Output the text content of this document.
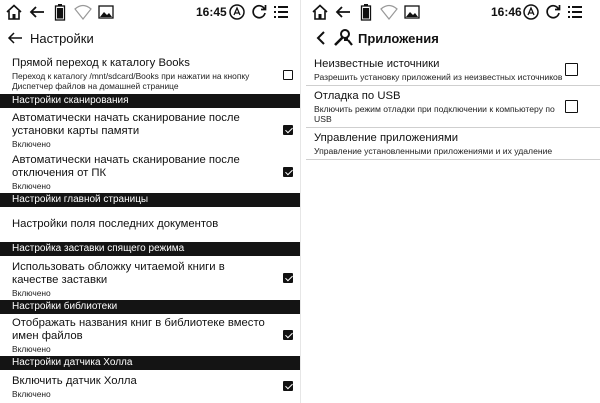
16:45
Настройки
Прямой переход к каталогу Books
Переход к каталогу /mnt/sdcard/Books при нажатии на кнопку Диспетчер файлов на домашней странице
Настройки сканирования
Автоматически начать сканирование после установки карты памяти
Включено
Автоматически начать сканирование после отключения от ПК
Включено
Настройки главной страницы
Настройки поля последних документов
Настройка заставки спящего режима
Использовать обложку читаемой книги в качестве заставки
Включено
Настройки библиотеки
Отображать названия книг в библиотеке вместо имен файлов
Включено
Настройки датчика Холла
Включить датчик Холла
Включено
16:46
Приложения
Неизвестные источники
Разрешить установку приложений из неизвестных источников
Отладка по USB
Включить режим отладки при подключении к компьютеру по USB
Управление приложениями
Управление установленными приложениями и их удаление
